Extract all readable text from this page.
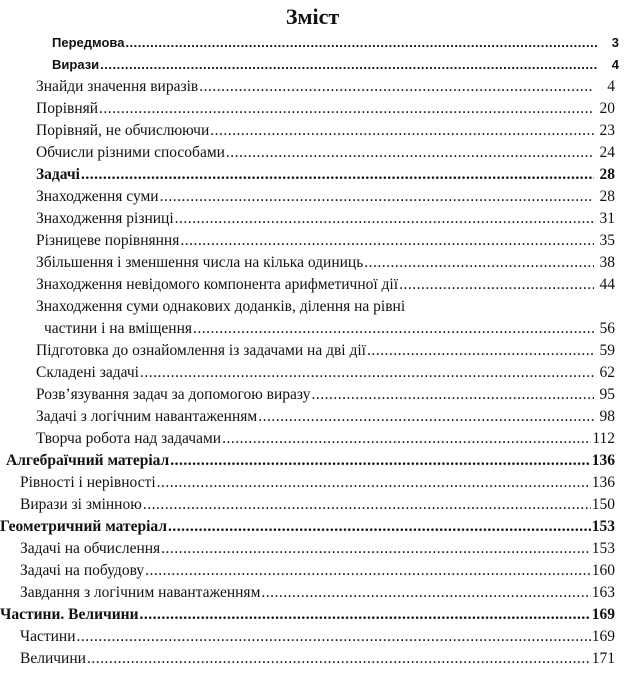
Зміст
Передмова .....	3
Вирази .....	4
Знайди значення виразів .....	4
Порівняй .....	20
Порівняй, не обчислюючи .....	23
Обчисли різними способами .....	24
Задачі .....	28
Знаходження суми .....	28
Знаходження різниці .....	31
Різницеве порівняння .....	35
Збільшення і зменшення числа на кілька одиниць .....	38
Знаходження невідомого компонента арифметичної дії .....	44
Знаходження суми однакових доданків, ділення на рівні
частини і на вміщення .....	56
Підготовка до ознайомлення із задачами на дві дії .....	59
Складені задачі .....	62
Розв’язування задач за допомогою виразу .....	95
Задачі з логічним навантаженням .....	98
Творча робота над задачами .....	112
Алгебраїчний матеріал .....	136
Рівності і нерівності .....	136
Вирази зі змінною .....	150
Геометричний матеріал .....	153
Задачі на обчислення .....	153
Задачі на побудову .....	160
Завдання з логічним навантаженням .....	163
Частини. Величини .....	169
Частини .....	169
Величини .....	171
